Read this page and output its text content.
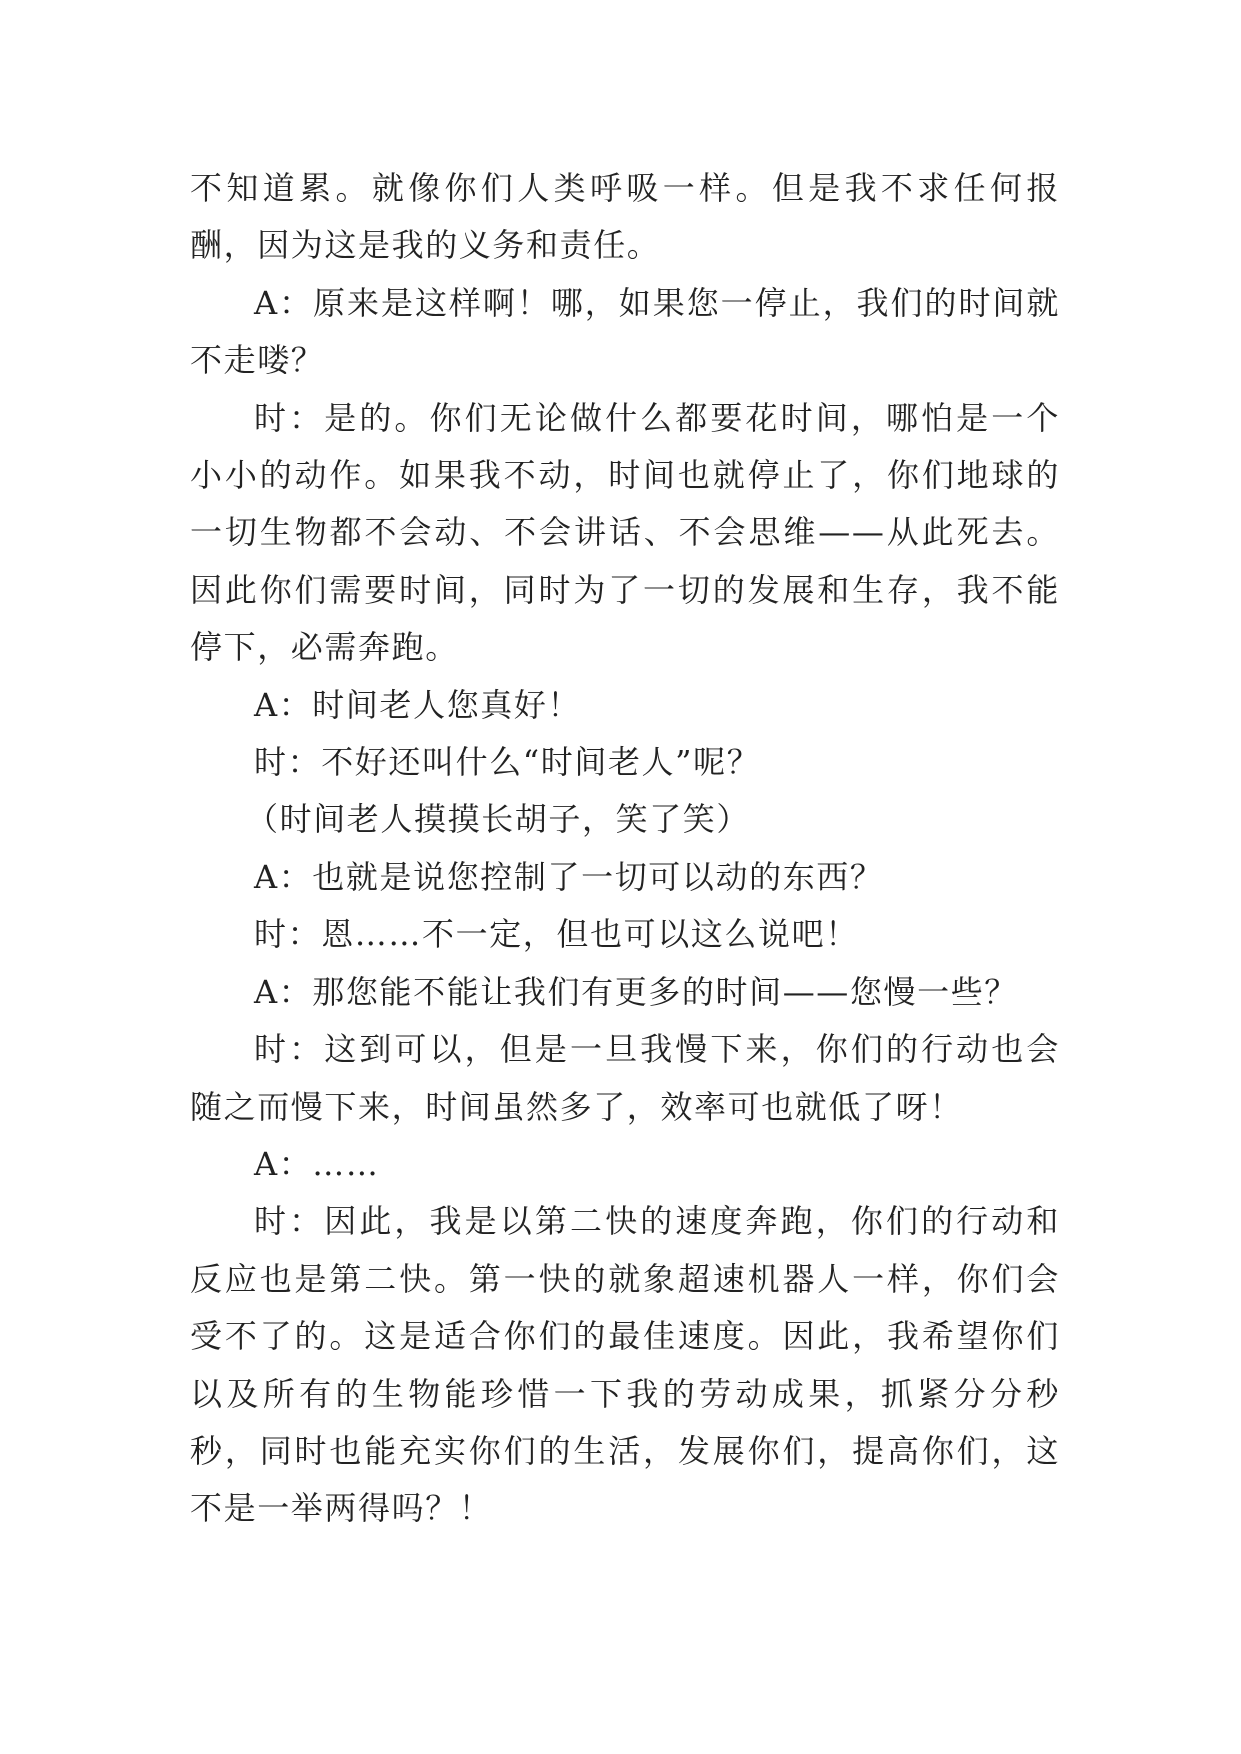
不知道累。就像你们人类呼吸一样。但是我不求任何报酬，因为这是我的义务和责任。

A：原来是这样啊！哪，如果您一停止，我们的时间就不走喽？

时：是的。你们无论做什么都要花时间，哪怕是一个小小的动作。如果我不动，时间也就停止了，你们地球的一切生物都不会动、不会讲话、不会思维——从此死去。因此你们需要时间，同时为了一切的发展和生存，我不能停下，必需奔跑。

A：时间老人您真好！

时：不好还叫什么“时间老人”呢？

（时间老人摸摸长胡子，笑了笑）

A：也就是说您控制了一切可以动的东西？

时：恩……不一定，但也可以这么说吧！

A：那您能不能让我们有更多的时间——您慢一些？

时：这到可以，但是一旦我慢下来，你们的行动也会随之而慢下来，时间虽然多了，效率可也就低了呀！

A：……

时：因此，我是以第二快的速度奔跑，你们的行动和反应也是第二快。第一快的就象超速机器人一样，你们会受不了的。这是适合你们的最佳速度。因此，我希望你们以及所有的生物能珍惜一下我的劳动成果，抓紧分分秒秒，同时也能充实你们的生活，发展你们，提高你们，这不是一举两得吗？！
